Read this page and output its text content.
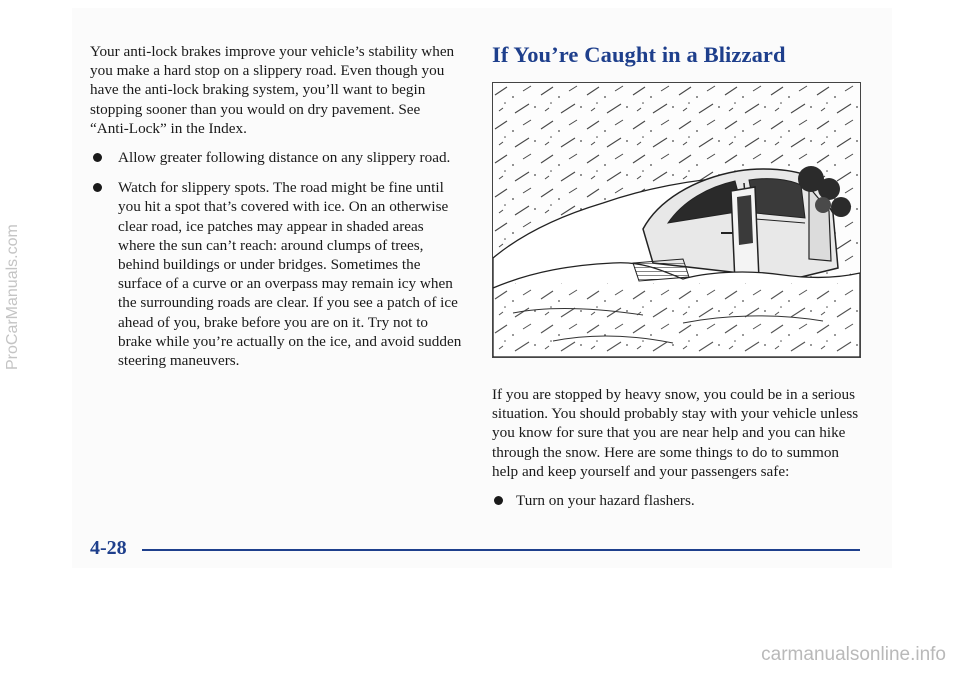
Your anti-lock brakes improve your vehicle’s stability when you make a hard stop on a slippery road. Even though you have the anti-lock braking system, you’ll want to begin stopping sooner than you would on dry pavement. See “Anti-Lock” in the Index.

Allow greater following distance on any slippery road.
Watch for slippery spots. The road might be fine until you hit a spot that’s covered with ice. On an otherwise clear road, ice patches may appear in shaded areas where the sun can’t reach: around clumps of trees, behind buildings or under bridges. Sometimes the surface of a curve or an overpass may remain icy when the surrounding roads are clear. If you see a patch of ice ahead of you, brake before you are on it. Try not to brake while you’re actually on the ice, and avoid sudden steering maneuvers.
If You’re Caught in a Blizzard

If you are stopped by heavy snow, you could be in a serious situation. You should probably stay with your vehicle unless you know for sure that you are near help and you can hike through the snow. Here are some things to do to summon help and keep yourself and your passengers safe:

Turn on your hazard flashers.
4-28
ProCarManuals.com
carmanualsonline.info
